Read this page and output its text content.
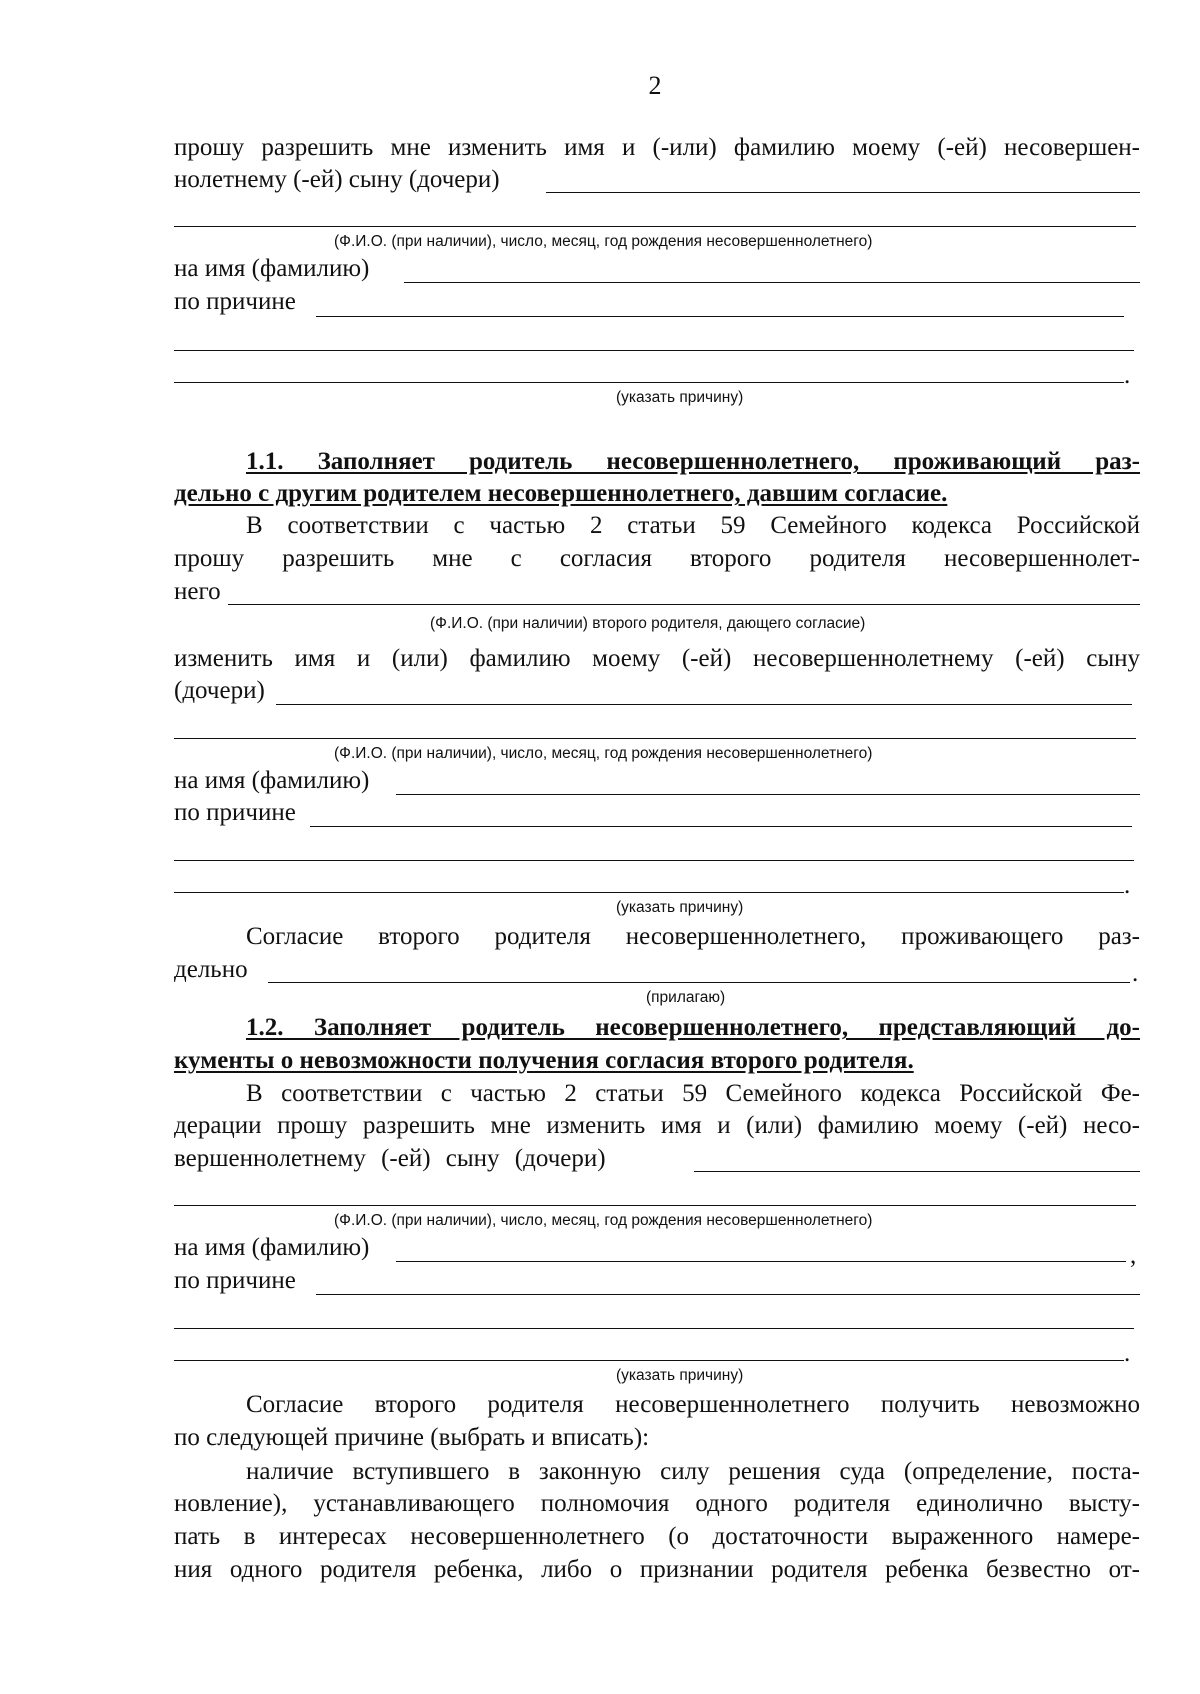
2
прошу разрешить мне изменить имя и (-или) фамилию моему (-ей) несовершен-
нолетнему (-ей) сыну (дочери)
(Ф.И.О. (при наличии), число, месяц, год рождения несовершеннолетнего)
на имя (фамилию)
по причине
.
(указать причину)
1.1. Заполняет родитель несовершеннолетнего, проживающий раз-
дельно с другим родителем несовершеннолетнего, давшим согласие.
В соответствии с частью 2 статьи 59 Семейного кодекса Российской
прошу разрешить мне с согласия второго родителя несовершеннолет-
него
(Ф.И.О. (при наличии) второго родителя, дающего согласие)
изменить имя и (или) фамилию моему (-ей) несовершеннолетнему (-ей) сыну
(дочери)
(Ф.И.О. (при наличии), число, месяц, год рождения несовершеннолетнего)
на имя (фамилию)
по причине
.
(указать причину)
Согласие второго родителя несовершеннолетнего, проживающего раз-
дельно	.
(прилагаю)
1.2. Заполняет родитель несовершеннолетнего, представляющий до-
кументы о невозможности получения согласия второго родителя.
В соответствии с частью 2 статьи 59 Семейного кодекса Российской Фе-
дерации прошу разрешить мне изменить имя и (или) фамилию моему (-ей) несо-
вершеннолетнему (-ей) сыну (дочери)
(Ф.И.О. (при наличии), число, месяц, год рождения несовершеннолетнего)
на имя (фамилию)	,
по причине
.
(указать причину)
Согласие второго родителя несовершеннолетнего получить невозможно
по следующей причине (выбрать и вписать):
наличие вступившего в законную силу решения суда (определение, поста-
новление), устанавливающего полномочия одного родителя единолично высту-
пать в интересах несовершеннолетнего (о достаточности выраженного намере-
ния одного родителя ребенка, либо о признании родителя ребенка безвестно от-
